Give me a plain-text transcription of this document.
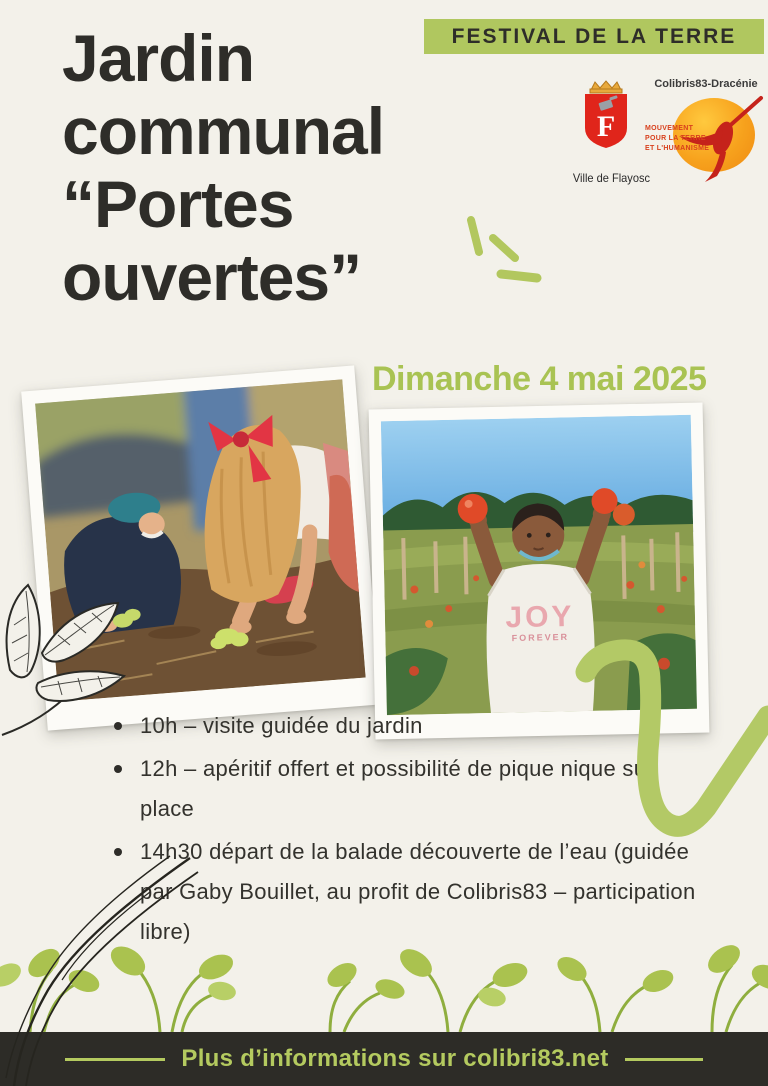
FESTIVAL DE LA TERRE
Jardin
communal
“Portes
ouvertes”
F
Ville de Flayosc
Colibris83-Dracénie
MOUVEMENT
POUR LA TERRE
ET L'HUMANISME
Dimanche 4 mai 2025
JOY
FOREVER
10h – visite guidée du jardin
12h – apéritif offert et possibilité de pique nique sur place
14h30 départ de la balade découverte de l’eau (guidée par Gaby Bouillet, au profit de Colibris83 – participation libre)
Plus d’informations sur colibri83.net
